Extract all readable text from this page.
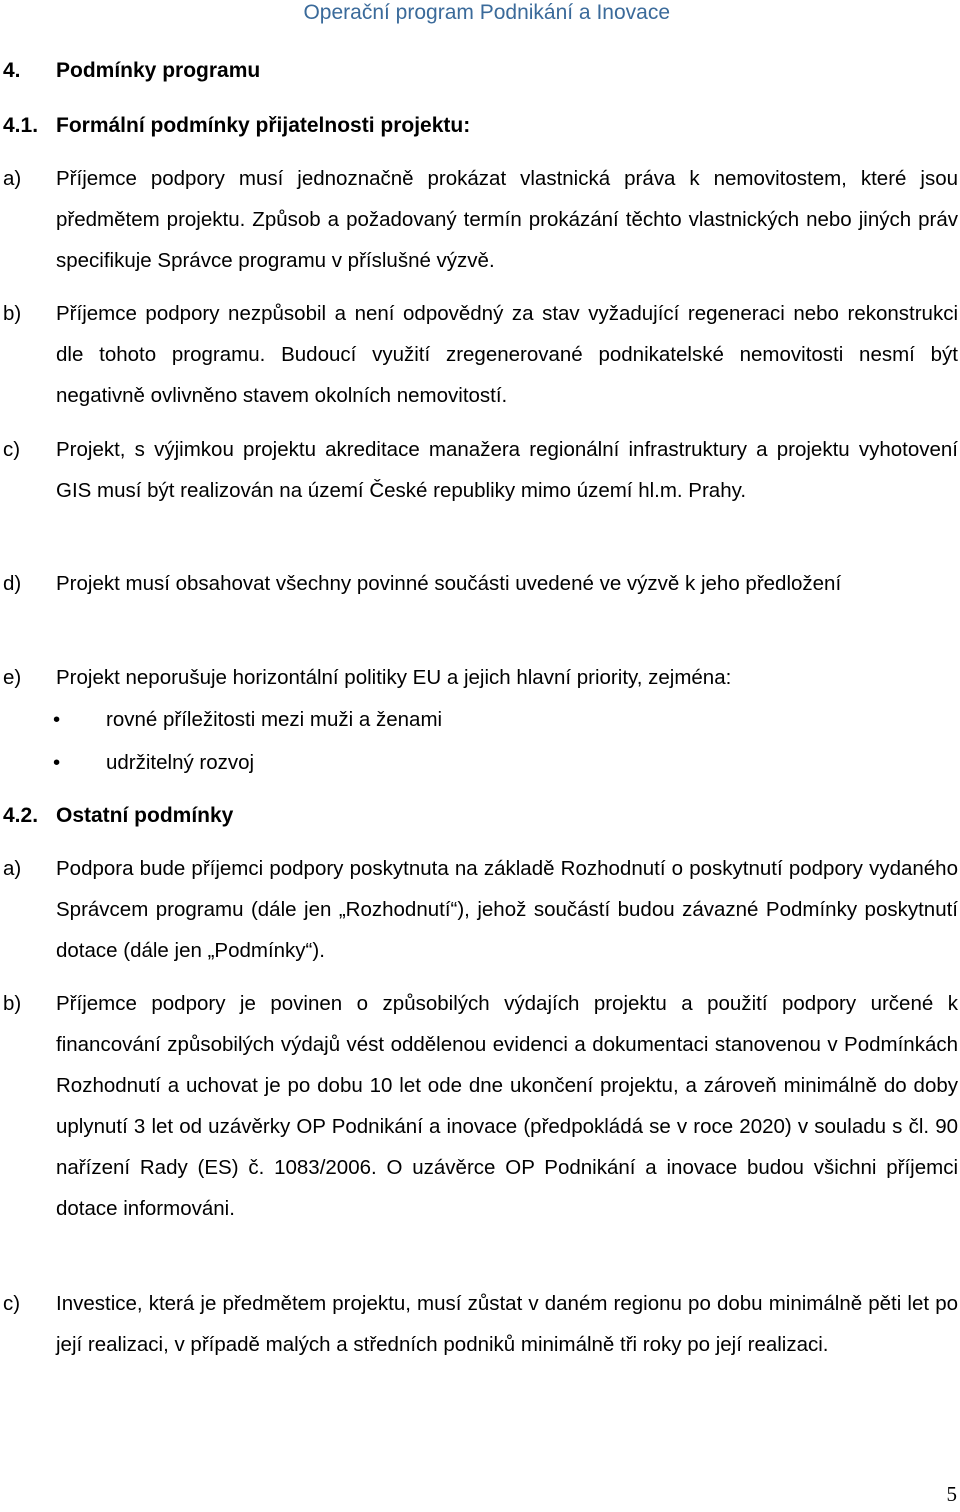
Operační program Podnikání a Inovace
4. Podmínky programu
4.1. Formální podmínky přijatelnosti projektu:
a) Příjemce podpory musí jednoznačně prokázat vlastnická práva k nemovitostem, které jsou předmětem projektu. Způsob a požadovaný termín prokázání těchto vlastnických nebo jiných práv specifikuje Správce programu v příslušné výzvě.
b) Příjemce podpory nezpůsobil a není odpovědný za stav vyžadující regeneraci nebo rekonstrukci dle tohoto programu. Budoucí využití zregenerované podnikatelské nemovitosti nesmí být negativně ovlivněno stavem okolních nemovitostí.
c) Projekt, s výjimkou projektu akreditace manažera regionální infrastruktury a projektu vyhotovení GIS musí být realizován na území České republiky mimo území hl.m. Prahy.
d) Projekt musí obsahovat všechny povinné součásti uvedené ve výzvě k jeho předložení
e) Projekt neporušuje horizontální politiky EU a jejich hlavní priority, zejména:
• rovné příležitosti mezi muži a ženami
• udržitelný rozvoj
4.2. Ostatní podmínky
a) Podpora bude příjemci podpory poskytnuta na základě Rozhodnutí o poskytnutí podpory vydaného Správcem programu (dále jen „Rozhodnutí“), jehož součástí budou závazné Podmínky poskytnutí dotace (dále jen „Podmínky“).
b) Příjemce podpory je povinen o způsobilých výdajích projektu a použití podpory určené k financování způsobilých výdajů vést oddělenou evidenci a dokumentaci stanovenou v Podmínkách Rozhodnutí a uchovat je po dobu 10 let ode dne ukončení projektu, a zároveň minimálně do doby uplynutí 3 let od uzávěrky OP Podnikání a inovace (předpokládá se v roce 2020) v souladu s čl. 90 nařízení Rady (ES) č. 1083/2006. O uzávěrce OP Podnikání a inovace budou všichni příjemci dotace informováni.
c) Investice, která je předmětem projektu, musí zůstat v daném regionu po dobu minimálně pěti let po její realizaci, v případě malých a středních podniků minimálně tři roky po její realizaci.
5
